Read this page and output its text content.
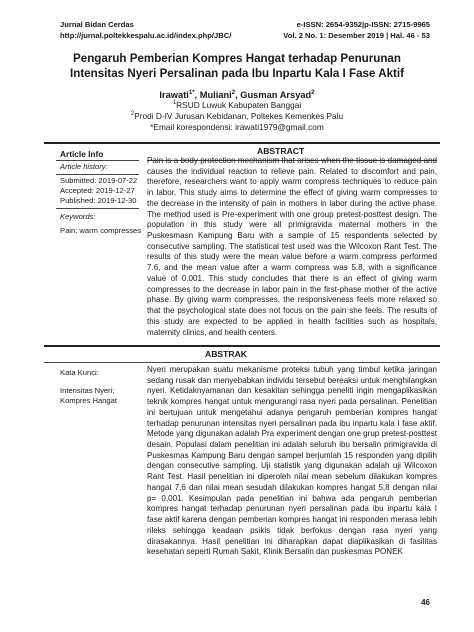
Jurnal Bidan Cerdas
http://jurnal.poltekkespalu.ac.id/index.php/JBC/
e-ISSN: 2654-9352|p-ISSN: 2715-9965
Vol. 2 No. 1: Desember 2019 | Hal. 46 - 53
Pengaruh Pemberian Kompres Hangat terhadap Penurunan
Intensitas Nyeri Persalinan pada Ibu Inpartu Kala I Fase Aktif
Irawati$^{1*}$, Muliani$^2$, Gusman Arsyad$^2$
$^1$RSUD Luwuk Kabupaten Banggai
$^2$Prodi D-IV Jurusan Kebidanan, Poltekes Kemenkes Palu
*Email korespondensi: irawati1979@gmail.com
ABSTRACT
Article Info
Article history:
Submitted: 2019-07-22
Accepted: 2019-12-27
Published: 2019-12-30
Keywords:
Pain; warm compresses
Pain is a body protection mechanism that arises when the tissue is damaged and causes the individual reaction to relieve pain. Related to discomfort and pain, therefore, researchers want to apply warm compress techniques to reduce pain in labor. This study aims to determine the effect of giving warm compresses to the decrease in the intensity of pain in mothers in labor during the active phase. The method used is Pre-experiment with one group pretest-posttest design. The population in this study were all primigravida maternal mothers in the Puskesmasn Kampung Baru with a sample of 15 respondents selected by consecutive sampling. The statistical test used was the Wilcoxon Rant Test. The results of this study were the mean value before a warm compress performed 7.6, and the mean value after a warm compress was 5.8, with a significance value of 0.001. This study concludes that there is an effect of giving warm compresses to the decrease in labor pain in the first-phase mother of the active phase. By giving warm compresses, the responsiveness feels more relaxed so that the psychological state does not focus on the pain she feels. The results of this study are expected to be applied in health facilities such as hospitals, maternity clinics, and health centers.
ABSTRAK
Kata Kunci:
Intensitas Nyeri;
Kompres Hangat
Nyeri merupakan suatu mekanisme proteksi tubuh yang timbul ketika jaringan sedang rusak dan menyebabkan individu tersebut bereaksi untuk menghilangkan nyeri. Ketidaknyamanan dan kesakitan sehingga peneliti ingin mengaplikasikan teknik kompres hangat untuk mengurangi rasa nyeri pada persalinan. Penelitian ini bertujuan untuk mengetahui adanya pengaruh pemberian kompres hangat terhadap penurunan intensitas nyeri persalinan pada ibu inpartu kala I fase aktif. Metode yang digunakan adalah Pra experiment dengan one grup pretest-posttest desain. Populasi dalam penelitian ini adalah seluruh ibu bersalin primigravida di Puskesmas Kampung Baru dengan sampel berjumlah 15 responden yang dipilih dengan consecutive sampling. Uji statistik yang digunakan adalah uji Wilcoxon Rant Test. Hasil penelitian ini diperoleh nilai mean sebelum dilakukan kompres hangat 7,6 dan nilai mean sesudah dilakukan kompres hangat 5,8 dengan nilai p= 0,001. Kesimpulan pada penelitian ini bahwa ada pengaruh pemberian kompres hangat terhadap penurunan nyeri persalinan pada ibu inpartu kala I fase aktif karena dengan pemberian kompres hangat ini responden merasa lebih rileks sehingga keadaan psikis tidak berfokus dengan rasa nyeri yang dirasakannya. Hasil penelitian ini diharapkan dapat diaplikasikan di fasilitas kesehatan seperti Rumah Sakit, Klinik Bersalin dan puskesmas PONEK
46
